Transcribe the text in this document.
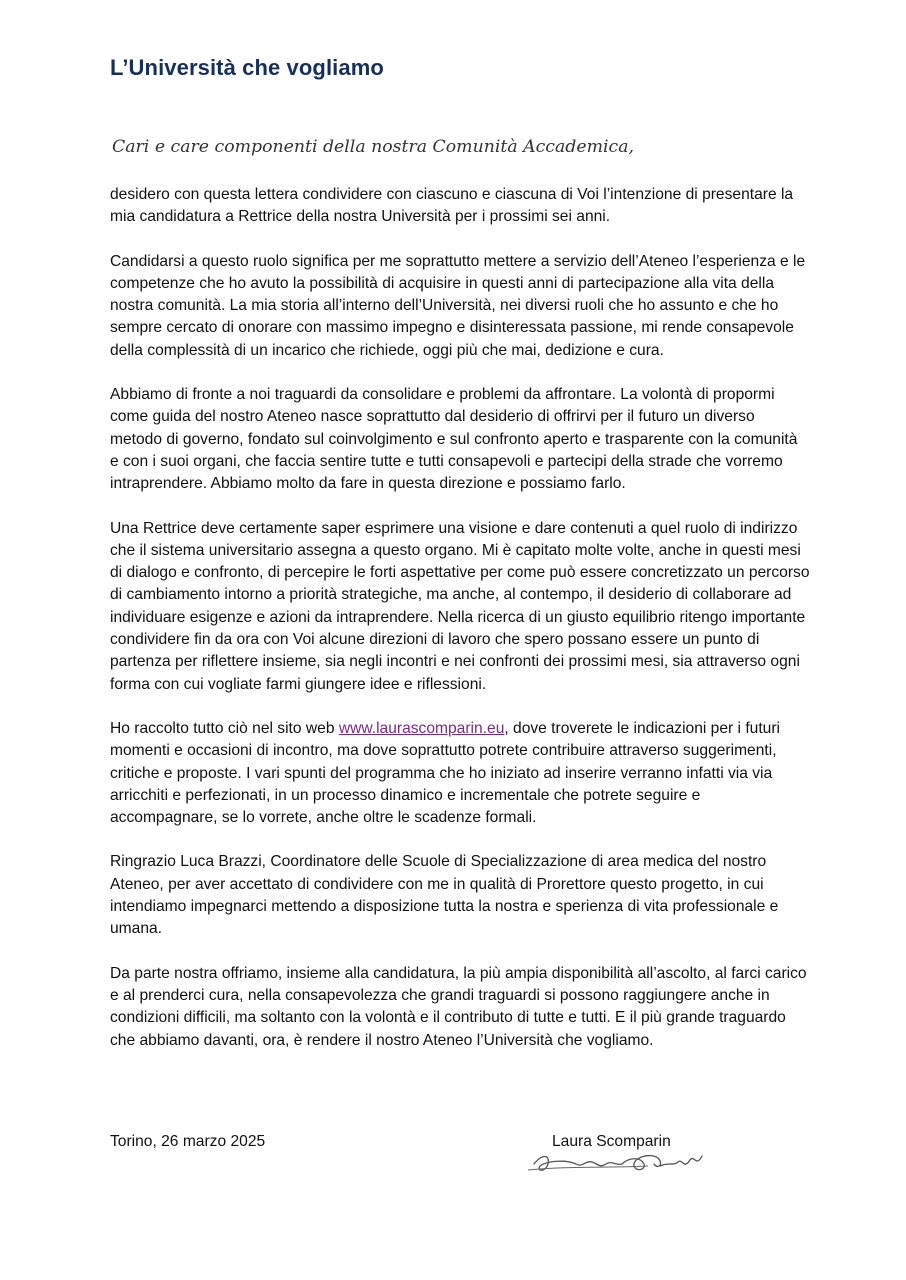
L’Università che vogliamo
Cari e care componenti della nostra Comunità Accademica,

desidero con questa lettera condividere con ciascuno e ciascuna di Voi l’intenzione di presentare la mia candidatura a Rettrice della nostra Università per i prossimi sei anni.

Candidarsi a questo ruolo significa per me soprattutto mettere a servizio dell’Ateneo l’esperienza e le competenze che ho avuto la possibilità di acquisire in questi anni di partecipazione alla vita della nostra comunità. La mia storia all’interno dell’Università, nei diversi ruoli che ho assunto e che ho sempre cercato di onorare con massimo impegno e disinteressata passione, mi rende consapevole della complessità di un incarico che richiede, oggi più che mai, dedizione e cura.

Abbiamo di fronte a noi traguardi da consolidare e problemi da affrontare. La volontà di propormi come guida del nostro Ateneo nasce soprattutto dal desiderio di offrirvi per il futuro un diverso metodo di governo, fondato sul coinvolgimento e sul confronto aperto e trasparente con la comunità e con i suoi organi, che faccia sentire tutte e tutti consapevoli e partecipi della strade che vorremo intraprendere. Abbiamo molto da fare in questa direzione e possiamo farlo.

Una Rettrice deve certamente saper esprimere una visione e dare contenuti a quel ruolo di indirizzo che il sistema universitario assegna a questo organo. Mi è capitato molte volte, anche in questi mesi di dialogo e confronto, di percepire le forti aspettative per come può essere concretizzato un percorso di cambiamento intorno a priorità strategiche, ma anche, al contempo, il desiderio di collaborare ad individuare esigenze e azioni da intraprendere. Nella ricerca di un giusto equilibrio ritengo importante condividere fin da ora con Voi alcune direzioni di lavoro che spero possano essere un punto di partenza per riflettere insieme, sia negli incontri e nei confronti dei prossimi mesi, sia attraverso ogni forma con cui vogliate farmi giungere idee e riflessioni.

Ho raccolto tutto ciò nel sito web www.laurascomparin.eu, dove troverete le indicazioni per i futuri momenti e occasioni di incontro, ma dove soprattutto potrete contribuire attraverso suggerimenti, critiche e proposte. I vari spunti del programma che ho iniziato ad inserire verranno infatti via via arricchiti e perfezionati, in un processo dinamico e incrementale che potrete seguire e accompagnare, se lo vorrete, anche oltre le scadenze formali.

Ringrazio Luca Brazzi, Coordinatore delle Scuole di Specializzazione di area medica del nostro Ateneo, per aver accettato di condividere con me in qualità di Prorettore questo progetto, in cui intendiamo impegnarci mettendo a disposizione tutta la nostra e sperienza di vita professionale e umana.

Da parte nostra offriamo, insieme alla candidatura, la più ampia disponibilità all’ascolto, al farci carico e al prenderci cura, nella consapevolezza che grandi traguardi si possono raggiungere anche in condizioni difficili, ma soltanto con la volontà e il contributo di tutte e tutti. E il più grande traguardo che abbiamo davanti, ora, è rendere il nostro Ateneo l’Università che vogliamo.

Torino, 26 marzo 2025	Laura Scomparin
